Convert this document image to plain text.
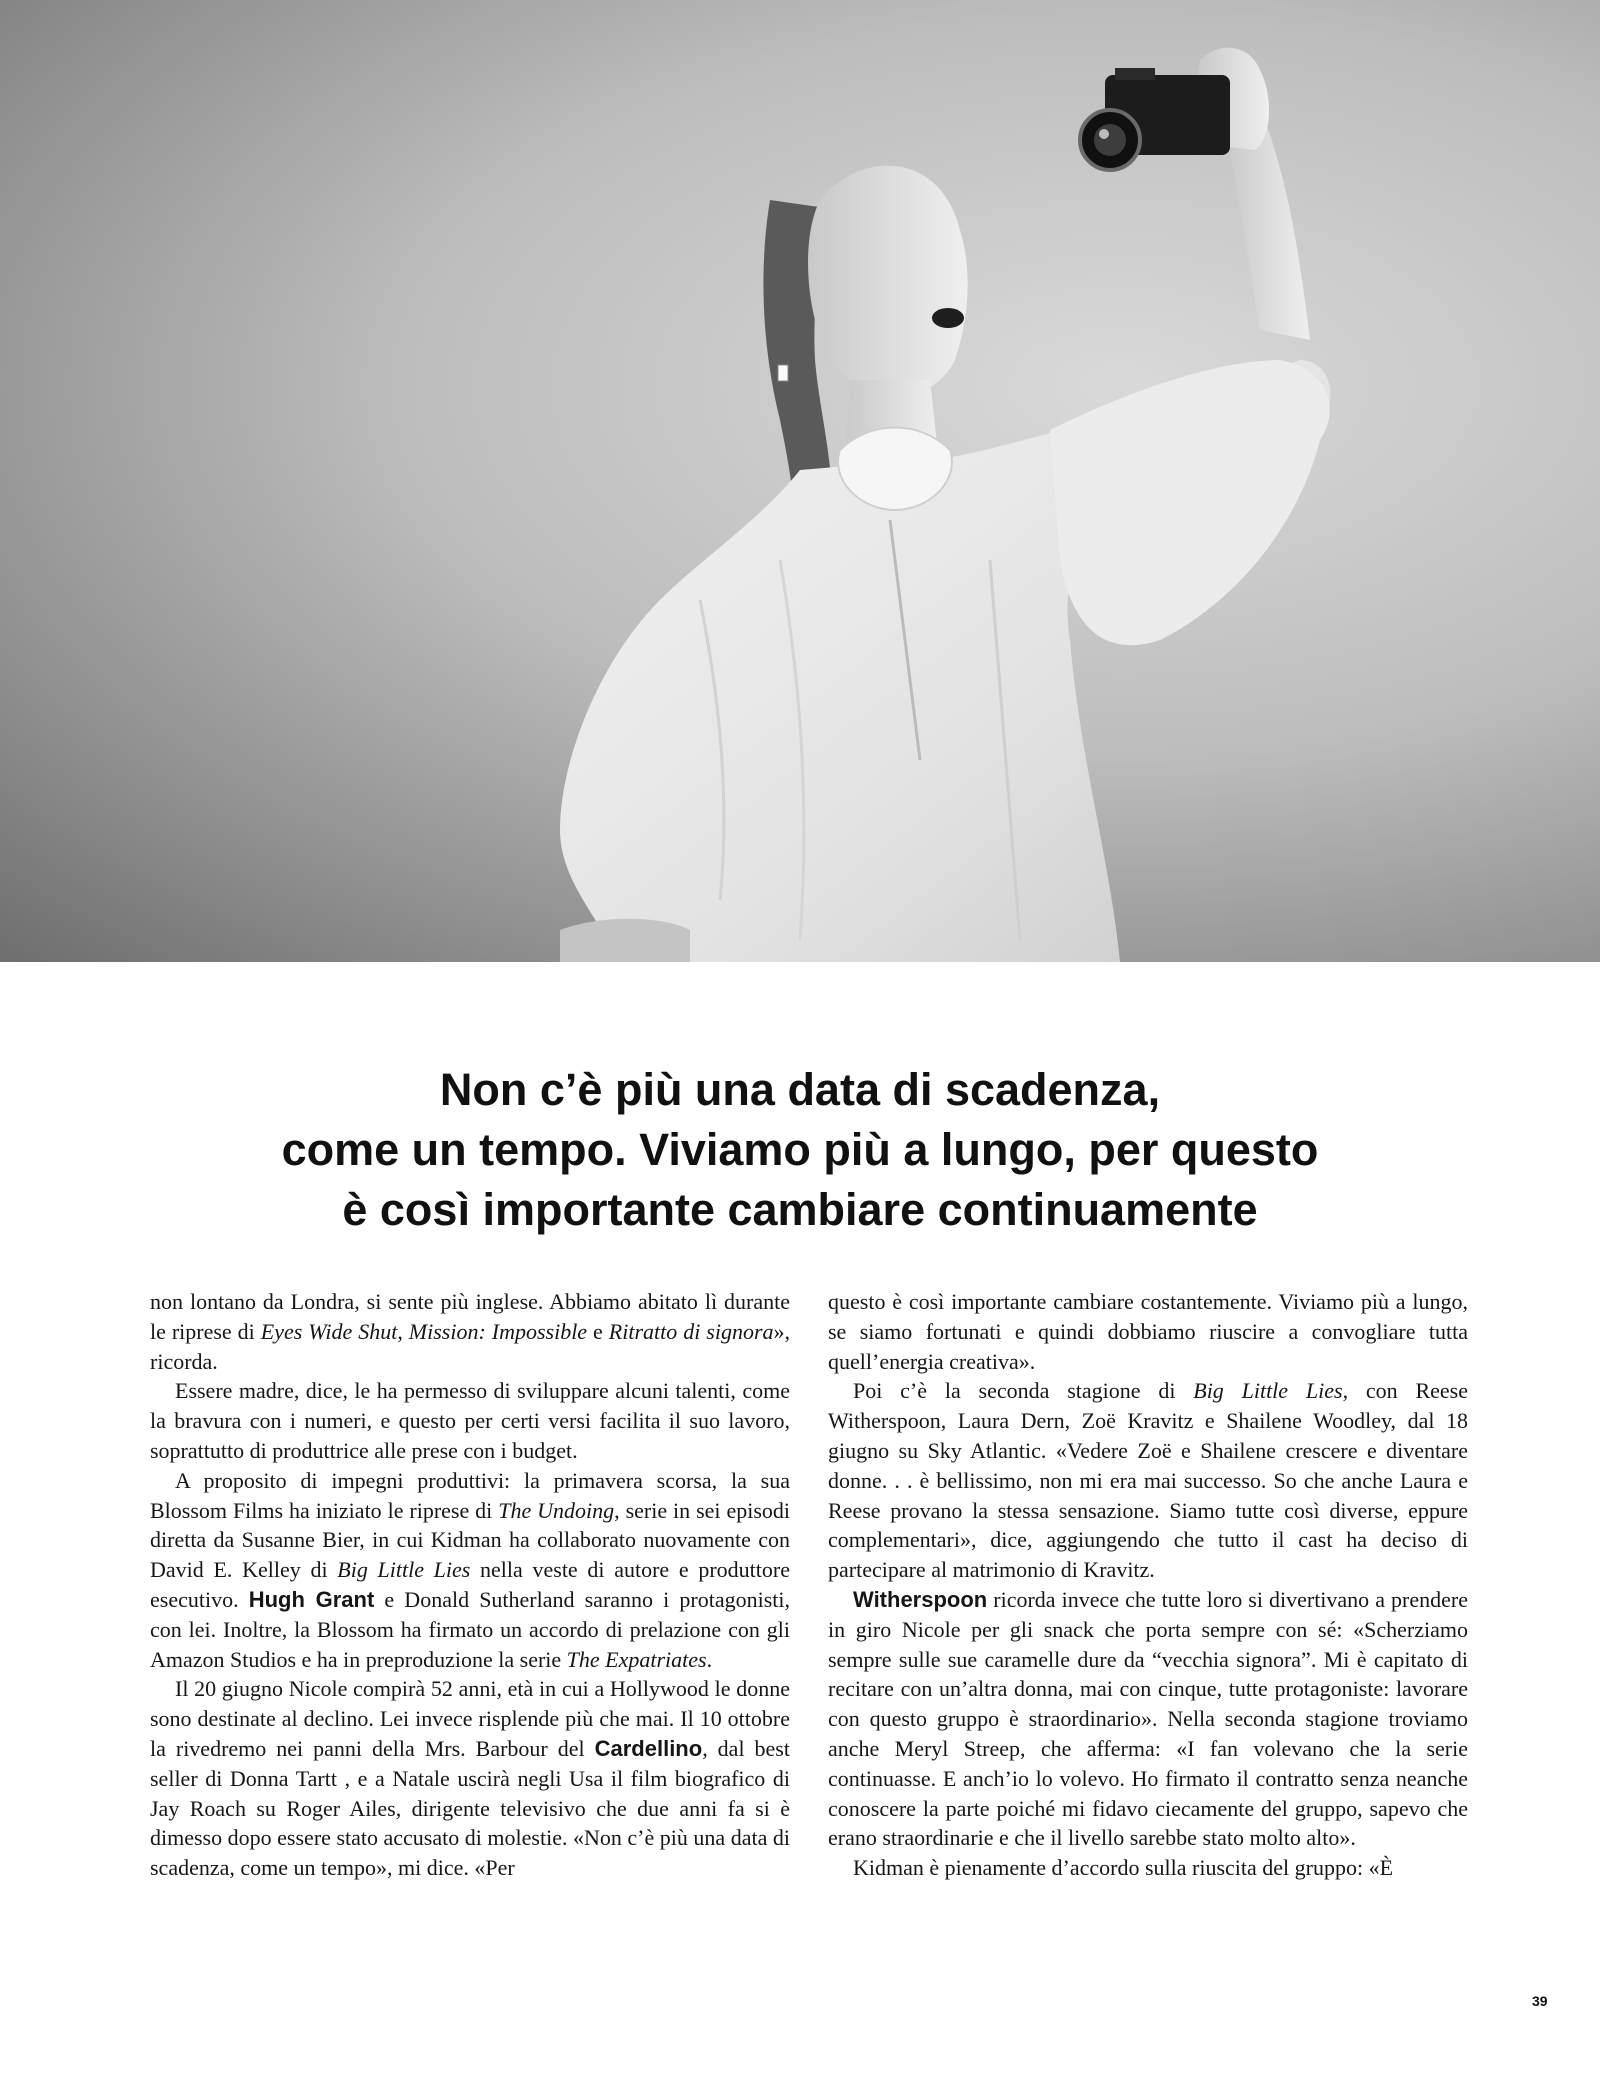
Non c’è più una data di scadenza,
come un tempo. Viviamo più a lungo, per questo
è così importante cambiare continuamente

non lontano da Londra, si sente più inglese. Abbiamo abitato lì durante le riprese di Eyes Wide Shut, Mission: Impossible e Ritratto di signora», ricorda.

Essere madre, dice, le ha permesso di sviluppare alcuni talenti, come la bravura con i numeri, e questo per certi versi facilita il suo lavoro, soprattutto di produttrice alle prese con i budget.

A proposito di impegni produttivi: la primavera scorsa, la sua Blossom Films ha iniziato le riprese di The Undoing, serie in sei episodi diretta da Susanne Bier, in cui Kidman ha collaborato nuovamente con David E. Kelley di Big Little Lies nella veste di autore e produttore esecutivo. Hugh Grant e Donald Sutherland saranno i protagonisti, con lei. Inoltre, la Blossom ha firmato un accordo di prelazione con gli Amazon Studios e ha in preproduzione la serie The Expatriates.

Il 20 giugno Nicole compirà 52 anni, età in cui a Hollywood le donne sono destinate al declino. Lei invece risplende più che mai. Il 10 ottobre la rivedremo nei panni della Mrs. Barbour del Cardellino, dal best seller di Donna Tartt , e a Natale uscirà negli Usa il film biografico di Jay Roach su Roger Ailes, dirigente televisivo che due anni fa si è dimesso dopo essere stato accusato di molestie. «Non c’è più una data di scadenza, come un tempo», mi dice. «Per

questo è così importante cambiare costantemente. Viviamo più a lungo, se siamo fortunati e quindi dobbiamo riuscire a convogliare tutta quell’energia creativa».

Poi c’è la seconda stagione di Big Little Lies, con Reese Witherspoon, Laura Dern, Zoë Kravitz e Shailene Woodley, dal 18 giugno su Sky Atlantic. «Vedere Zoë e Shailene crescere e diventare donne. . . è bellissimo, non mi era mai successo. So che anche Laura e Reese provano la stessa sensazione. Siamo tutte così diverse, eppure complementari», dice, aggiungendo che tutto il cast ha deciso di partecipare al matrimonio di Kravitz.

Witherspoon ricorda invece che tutte loro si divertivano a prendere in giro Nicole per gli snack che porta sempre con sé: «Scherziamo sempre sulle sue caramelle dure da “vecchia signora”. Mi è capitato di recitare con un’altra donna, mai con cinque, tutte protagoniste: lavorare con questo gruppo è straordinario». Nella seconda stagione troviamo anche Meryl Streep, che afferma: «I fan volevano che la serie continuasse. E anch’io lo volevo. Ho firmato il contratto senza neanche conoscere la parte poiché mi fidavo ciecamente del gruppo, sapevo che erano straordinarie e che il livello sarebbe stato molto alto».

Kidman è pienamente d’accordo sulla riuscita del gruppo: «È

39
